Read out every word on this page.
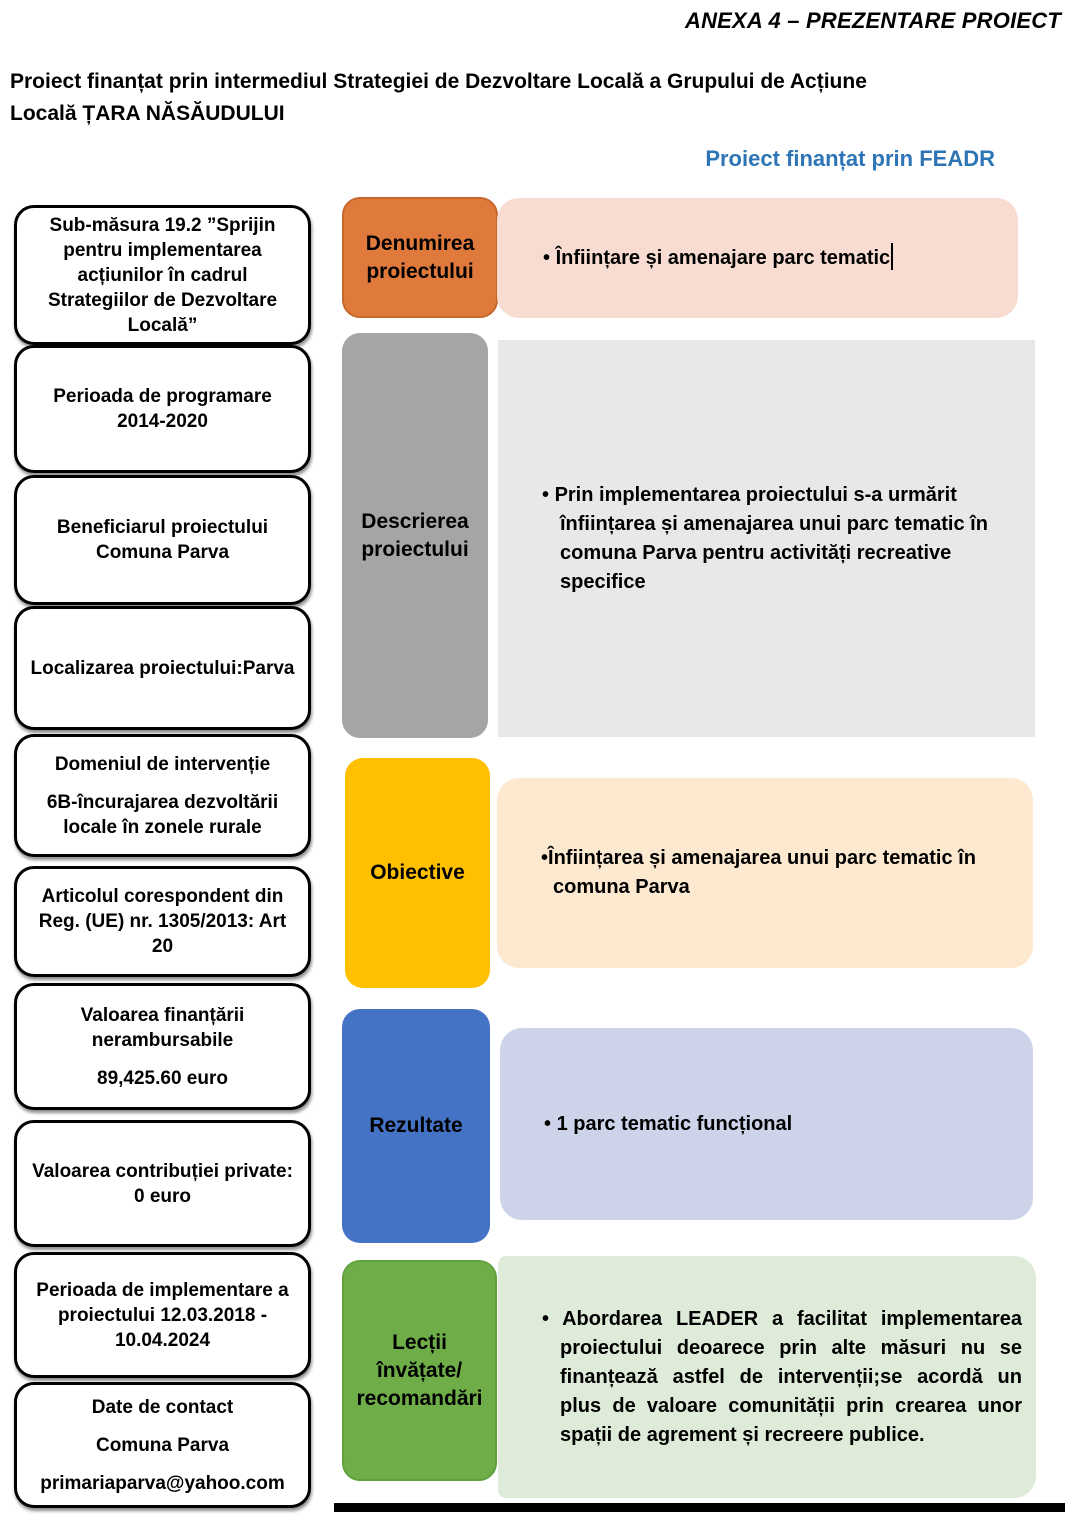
ANEXA 4 – PREZENTARE PROIECT
Proiect finanțat prin intermediul Strategiei de Dezvoltare Locală a Grupului de Acțiune
Locală ȚARA NĂSĂUDULUI
Proiect finanțat prin FEADR

Sub-măsura 19.2 ”Sprijin pentru implementarea acțiunilor în cadrul Strategiilor de Dezvoltare Locală”

Perioada de programare 2014-2020

Beneficiarul proiectului Comuna Parva

Localizarea proiectului:Parva

Domeniul de intervenție

6B-încurajarea dezvoltării locale în zonele rurale

Articolul corespondent din Reg. (UE) nr. 1305/2013: Art 20

Valoarea finanțării nerambursabile

89,425.60 euro

Valoarea contribuției private: 0 euro

Perioada de implementare a proiectului 12.03.2018 - 10.04.2024

Date de contact

Comuna Parva

primariaparva@yahoo.com

Denumirea proiectului
• Înființare și amenajare parc tematic
Descrierea proiectului
• Prin implementarea proiectului s-a urmărit înființarea și amenajarea unui parc tematic în comuna Parva pentru activități recreative specifice
Obiective
•Înființarea și amenajarea unui parc tematic în comuna Parva
Rezultate	• 1 parc tematic funcțional
Lecții învățate/ recomandări
• Abordarea LEADER a facilitat implementarea proiectului deoarece prin alte măsuri nu se finanțează astfel de intervenții;se acordă un plus de valoare comunității prin crearea unor spații de agrement și recreere publice.
